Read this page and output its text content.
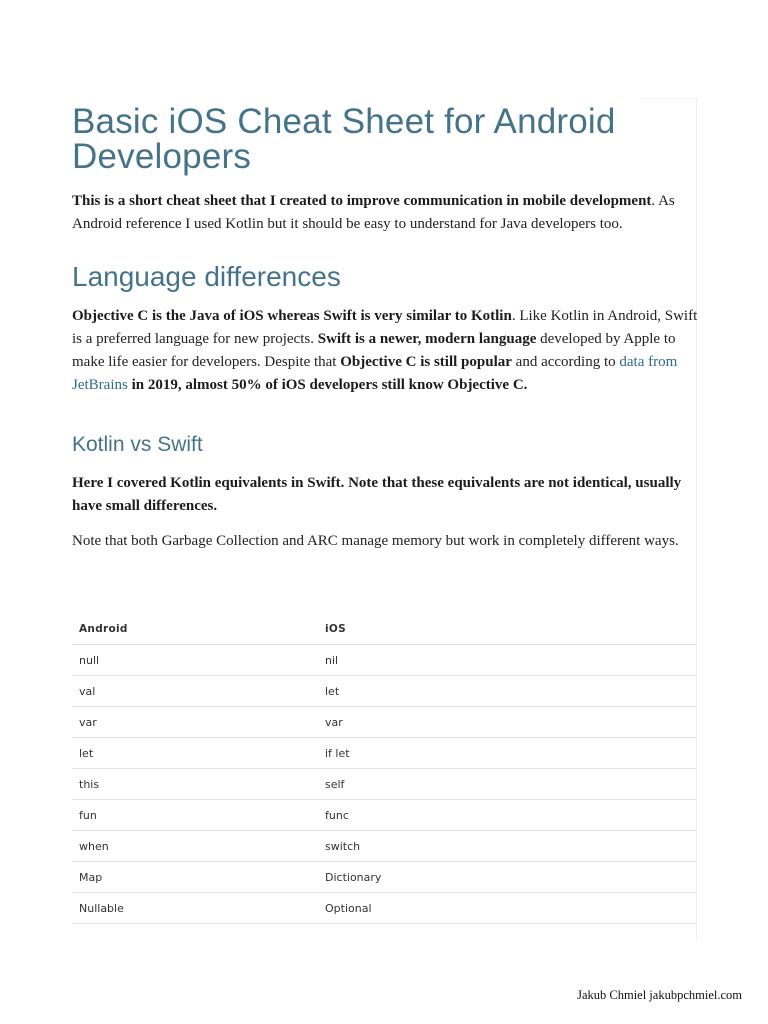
Basic iOS Cheat Sheet for Android Developers

This is a short cheat sheet that I created to improve communication in mobile development. As Android reference I used Kotlin but it should be easy to understand for Java developers too.

Language differences

Objective C is the Java of iOS whereas Swift is very similar to Kotlin. Like Kotlin in Android, Swift is a preferred language for new projects. Swift is a newer, modern language developed by Apple to make life easier for developers. Despite that Objective C is still popular and according to data from JetBrains in 2019, almost 50% of iOS developers still know Objective C.

Kotlin vs Swift

Here I covered Kotlin equivalents in Swift. Note that these equivalents are not identical, usually have small differences.

Note that both Garbage Collection and ARC manage memory but work in completely different ways.

Android	iOS
null	nil
val	let
var	var
let	if let
this	self
fun	func
when	switch
Map	Dictionary
Nullable	Optional
Jakub Chmiel jakubpchmiel.com
